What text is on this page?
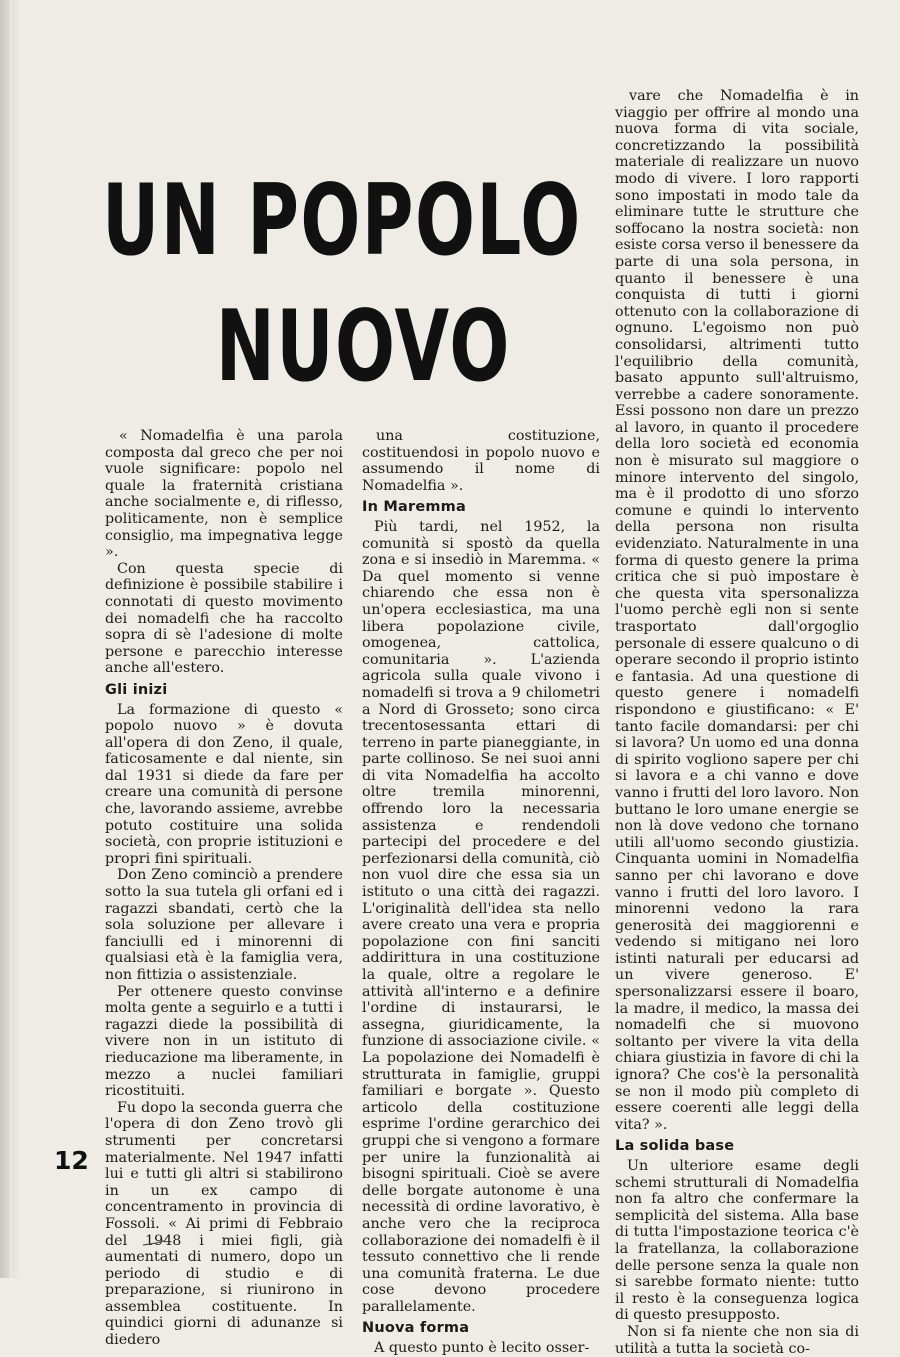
UN POPOLO
NUOVO

« Nomadelfia è una parola composta dal greco che per noi vuole significare: popolo nel quale la fraternità cristiana anche socialmente e, di riflesso, politicamente, non è semplice consiglio, ma impegnativa legge ».

Con questa specie di definizione è possibile stabilire i connotati di questo movimento dei nomadelfi che ha raccolto sopra di sè l'adesione di molte persone e parecchio interesse anche all'estero.

Gli inizi

La formazione di questo « popolo nuovo » è dovuta all'opera di don Zeno, il quale, faticosamente e dal niente, sin dal 1931 si diede da fare per creare una comunità di persone che, lavorando assieme, avrebbe potuto costituire una solida società, con proprie istituzioni e propri fini spirituali.

Don Zeno cominciò a prendere sotto la sua tutela gli orfani ed i ragazzi sbandati, certò che la sola soluzione per allevare i fanciulli ed i minorenni di qualsiasi età è la famiglia vera, non fittizia o assistenziale.

Per ottenere questo convinse molta gente a seguirlo e a tutti i ragazzi diede la possibilità di vivere non in un istituto di rieducazione ma liberamente, in mezzo a nuclei familiari ricostituiti.

Fu dopo la seconda guerra che l'opera di don Zeno trovò gli strumenti per concretarsi materialmente. Nel 1947 infatti lui e tutti gli altri si stabilirono in un ex campo di concentramento in provincia di Fossoli. « Ai primi di Febbraio del 1948 i miei figli, già aumentati di numero, dopo un periodo di studio e di preparazione, si riunirono in assemblea costituente. In quindici giorni di adunanze si diedero

una costituzione, costituendosi in popolo nuovo e assumendo il nome di Nomadelfia ».

In Maremma

Più tardi, nel 1952, la comunità si spostò da quella zona e si insediò in Maremma. « Da quel momento si venne chiarendo che essa non è un'opera ecclesiastica, ma una libera popolazione civile, omogenea, cattolica, comunitaria ». L'azienda agricola sulla quale vivono i nomadelfi si trova a 9 chilometri a Nord di Grosseto; sono circa trecentosessanta ettari di terreno in parte pianeggiante, in parte collinoso. Se nei suoi anni di vita Nomadelfia ha accolto oltre tremila minorenni, offrendo loro la necessaria assistenza e rendendoli partecipi del procedere e del perfezionarsi della comunità, ciò non vuol dire che essa sia un istituto o una città dei ragazzi. L'originalità dell'idea sta nello avere creato una vera e propria popolazione con fini sanciti addirittura in una costituzione la quale, oltre a regolare le attività all'interno e a definire l'ordine di instaurarsi, le assegna, giuridicamente, la funzione di associazione civile. « La popolazione dei Nomadelfi è strutturata in famiglie, gruppi familiari e borgate ». Questo articolo della costituzione esprime l'ordine gerarchico dei gruppi che si vengono a formare per unire la funzionalità ai bisogni spirituali. Cioè se avere delle borgate autonome è una necessità di ordine lavorativo, è anche vero che la reciproca collaborazione dei nomadelfi è il tessuto connettivo che li rende una comunità fraterna. Le due cose devono procedere parallelamente.

Nuova forma

A questo punto è lecito osser-

vare che Nomadelfia è in viaggio per offrire al mondo una nuova forma di vita sociale, concretizzando la possibilità materiale di realizzare un nuovo modo di vivere. I loro rapporti sono impostati in modo tale da eliminare tutte le strutture che soffocano la nostra società: non esiste corsa verso il benessere da parte di una sola persona, in quanto il benessere è una conquista di tutti i giorni ottenuto con la collaborazione di ognuno. L'egoismo non può consolidarsi, altrimenti tutto l'equilibrio della comunità, basato appunto sull'altruismo, verrebbe a cadere sonoramente. Essi possono non dare un prezzo al lavoro, in quanto il procedere della loro società ed economia non è misurato sul maggiore o minore intervento del singolo, ma è il prodotto di uno sforzo comune e quindi lo intervento della persona non risulta evidenziato. Naturalmente in una forma di questo genere la prima critica che si può impostare è che questa vita spersonalizza l'uomo perchè egli non si sente trasportato dall'orgoglio personale di essere qualcuno o di operare secondo il proprio istinto e fantasia. Ad una questione di questo genere i nomadelfi rispondono e giustificano: « E' tanto facile domandarsi: per chi si lavora? Un uomo ed una donna di spirito vogliono sapere per chi si lavora e a chi vanno e dove vanno i frutti del loro lavoro. Non buttano le loro umane energie se non là dove vedono che tornano utili all'uomo secondo giustizia. Cinquanta uomini in Nomadelfia sanno per chi lavorano e dove vanno i frutti del loro lavoro. I minorenni vedono la rara generosità dei maggiorenni e vedendo si mitigano nei loro istinti naturali per educarsi ad un vivere generoso. E' spersonalizzarsi essere il boaro, la madre, il medico, la massa dei nomadelfi che si muovono soltanto per vivere la vita della chiara giustizia in favore di chi la ignora? Che cos'è la personalità se non il modo più completo di essere coerenti alle leggi della vita? ».

La solida base

Un ulteriore esame degli schemi strutturali di Nomadelfia non fa altro che confermare la semplicità del sistema. Alla base di tutta l'impostazione teorica c'è la fratellanza, la collaborazione delle persone senza la quale non si sarebbe formato niente: tutto il resto è la conseguenza logica di questo presupposto.

Non si fa niente che non sia di utilità a tutta la società co-

12
